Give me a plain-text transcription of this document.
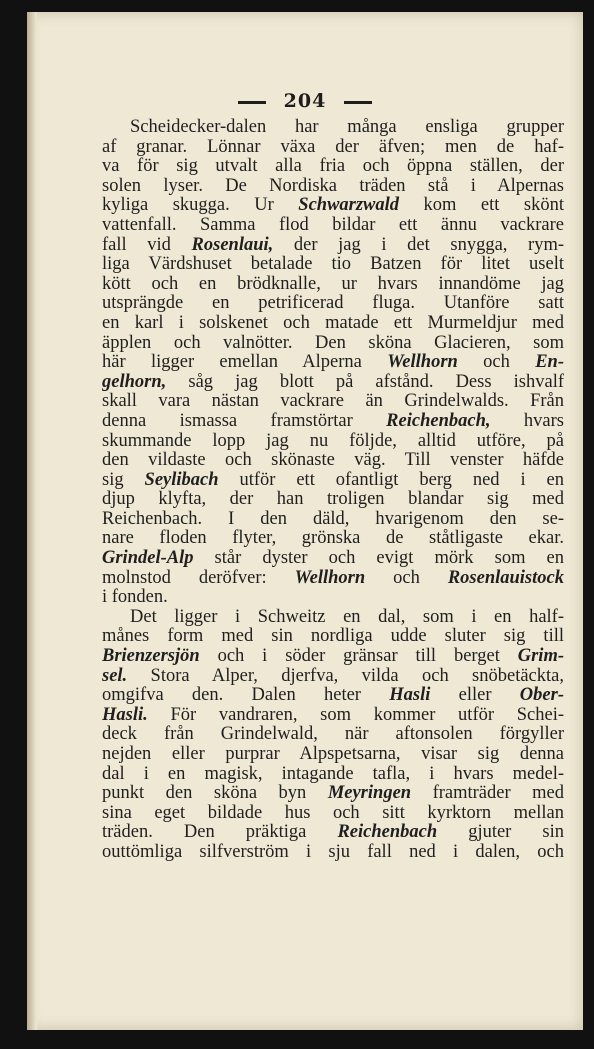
204
Scheidecker-dalen har många ensliga grupper
af granar. Lönnar växa der äfven; men de haf-
va för sig utvalt alla fria och öppna ställen, der
solen lyser. De Nordiska träden stå i Alpernas
kyliga skugga. Ur Schwarzwald kom ett skönt
vattenfall. Samma flod bildar ett ännu vackrare
fall vid Rosenlaui, der jag i det snygga, rym-
liga Värdshuset betalade tio Batzen för litet uselt
kött och en brödknalle, ur hvars innandöme jag
utsprängde en petrificerad fluga. Utanföre satt
en karl i solskenet och matade ett Murmeldjur med
äpplen och valnötter. Den sköna Glacieren, som
här ligger emellan Alperna Wellhorn och En-
gelhorn, såg jag blott på afstånd. Dess ishvalf
skall vara nästan vackrare än Grindelwalds. Från
denna ismassa framstörtar Reichenbach, hvars
skummande lopp jag nu följde, alltid utföre, på
den vildaste och skönaste väg. Till venster häfde
sig Seylibach utför ett ofantligt berg ned i en
djup klyfta, der han troligen blandar sig med
Reichenbach. I den däld, hvarigenom den se-
nare floden flyter, grönska de ståtligaste ekar.
Grindel-Alp står dyster och evigt mörk som en
molnstod deröfver: Wellhorn och Rosenlauistock
i fonden.
Det ligger i Schweitz en dal, som i en half-
månes form med sin nordliga udde sluter sig till
Brienzersjön och i söder gränsar till berget Grim-
sel. Stora Alper, djerfva, vilda och snöbetäckta,
omgifva den. Dalen heter Hasli eller Ober-
Hasli. För vandraren, som kommer utför Schei-
deck från Grindelwald, när aftonsolen förgyller
nejden eller purprar Alpspetsarna, visar sig denna
dal i en magisk, intagande tafla, i hvars medel-
punkt den sköna byn Meyringen framträder med
sina eget bildade hus och sitt kyrktorn mellan
träden. Den präktiga Reichenbach gjuter sin
outtömliga silfverström i sju fall ned i dalen, och
